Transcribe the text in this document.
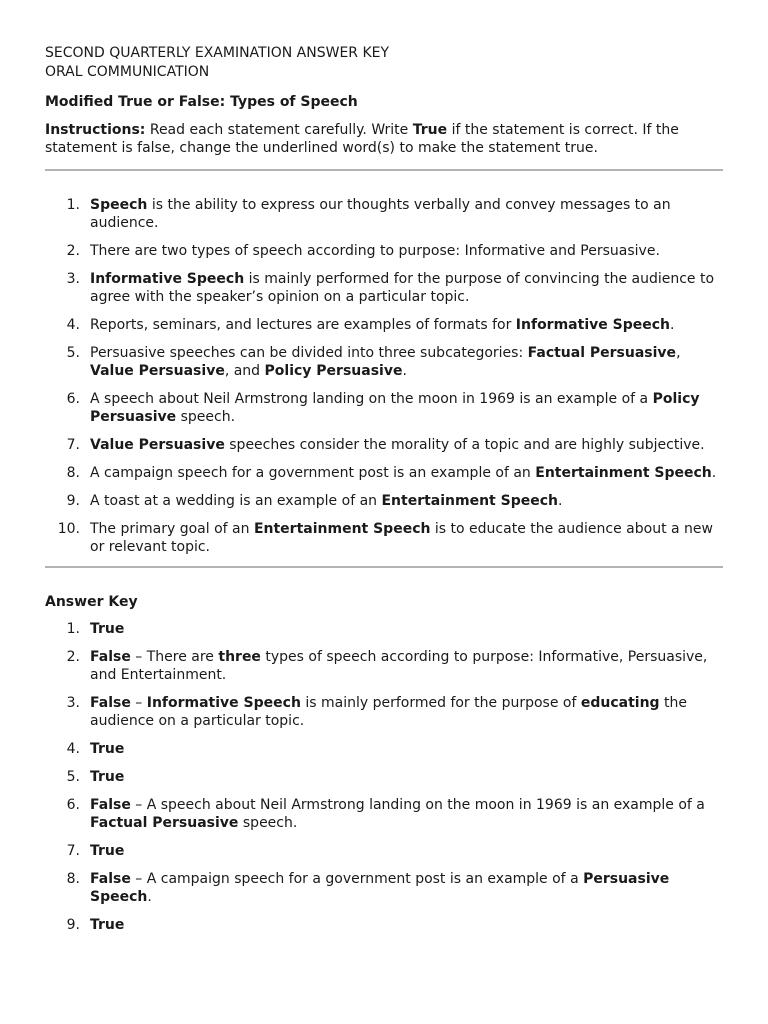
SECOND QUARTERLY EXAMINATION ANSWER KEY

ORAL COMMUNICATION

Modified True or False: Types of Speech

Instructions: Read each statement carefully. Write True if the statement is correct. If the statement is false, change the underlined word(s) to make the statement true.

1. Speech is the ability to express our thoughts verbally and convey messages to an audience.
2. There are two types of speech according to purpose: Informative and Persuasive.
3. Informative Speech is mainly performed for the purpose of convincing the audience to agree with the speaker’s opinion on a particular topic.
4. Reports, seminars, and lectures are examples of formats for Informative Speech.
5. Persuasive speeches can be divided into three subcategories: Factual Persuasive, Value Persuasive, and Policy Persuasive.
6. A speech about Neil Armstrong landing on the moon in 1969 is an example of a Policy Persuasive speech.
7. Value Persuasive speeches consider the morality of a topic and are highly subjective.
8. A campaign speech for a government post is an example of an Entertainment Speech.
9. A toast at a wedding is an example of an Entertainment Speech.
10. The primary goal of an Entertainment Speech is to educate the audience about a new or relevant topic.

Answer Key

1. True
2. False – There are three types of speech according to purpose: Informative, Persuasive, and Entertainment.
3. False – Informative Speech is mainly performed for the purpose of educating the audience on a particular topic.
4. True
5. True
6. False – A speech about Neil Armstrong landing on the moon in 1969 is an example of a Factual Persuasive speech.
7. True
8. False – A campaign speech for a government post is an example of a Persuasive Speech.
9. True
